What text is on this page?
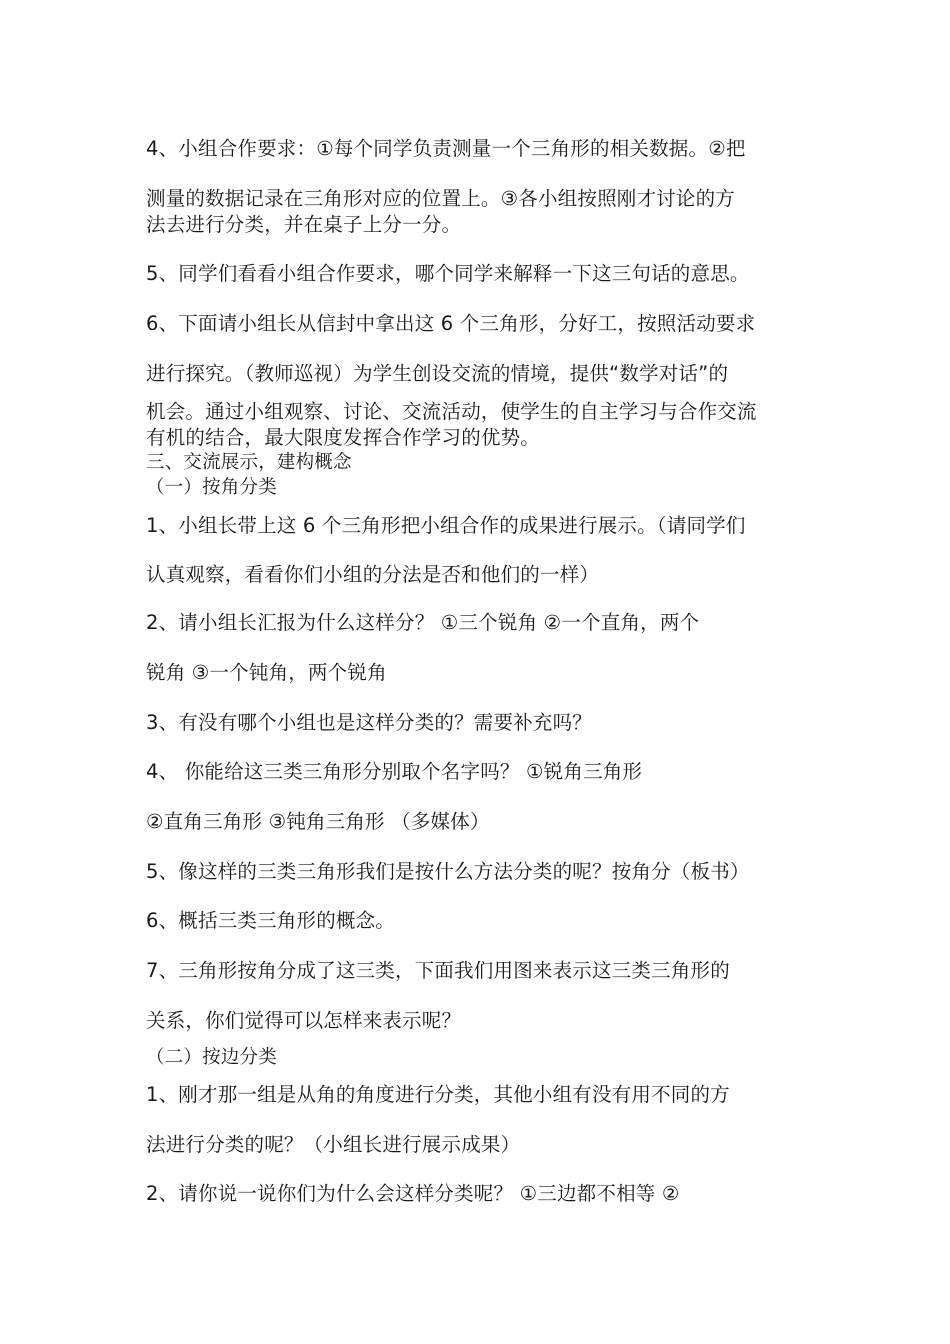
4、小组合作要求：①每个同学负责测量一个三角形的相关数据。②把
测量的数据记录在三角形对应的位置上。③各小组按照刚才讨论的方
法去进行分类，并在桌子上分一分。
5、同学们看看小组合作要求，哪个同学来解释一下这三句话的意思。
6、下面请小组长从信封中拿出这 6 个三角形，分好工，按照活动要求
进行探究。（教师巡视）为学生创设交流的情境，提供“数学对话”的
机会。通过小组观察、讨论、交流活动，使学生的自主学习与合作交流
有机的结合，最大限度发挥合作学习的优势。
三、交流展示，建构概念
（一）按角分类
1、小组长带上这 6 个三角形把小组合作的成果进行展示。（请同学们
认真观察，看看你们小组的分法是否和他们的一样）
2、请小组长汇报为什么这样分？ ①三个锐角 ②一个直角，两个
锐角 ③一个钝角，两个锐角
3、有没有哪个小组也是这样分类的？需要补充吗？
4、 你能给这三类三角形分别取个名字吗？ ①锐角三角形
②直角三角形 ③钝角三角形 （多媒体）
5、像这样的三类三角形我们是按什么方法分类的呢？按角分（板书）
6、概括三类三角形的概念。
7、三角形按角分成了这三类，下面我们用图来表示这三类三角形的
关系，你们觉得可以怎样来表示呢？
（二）按边分类
1、刚才那一组是从角的角度进行分类，其他小组有没有用不同的方
法进行分类的呢？（小组长进行展示成果）
2、请你说一说你们为什么会这样分类呢？ ①三边都不相等 ②
